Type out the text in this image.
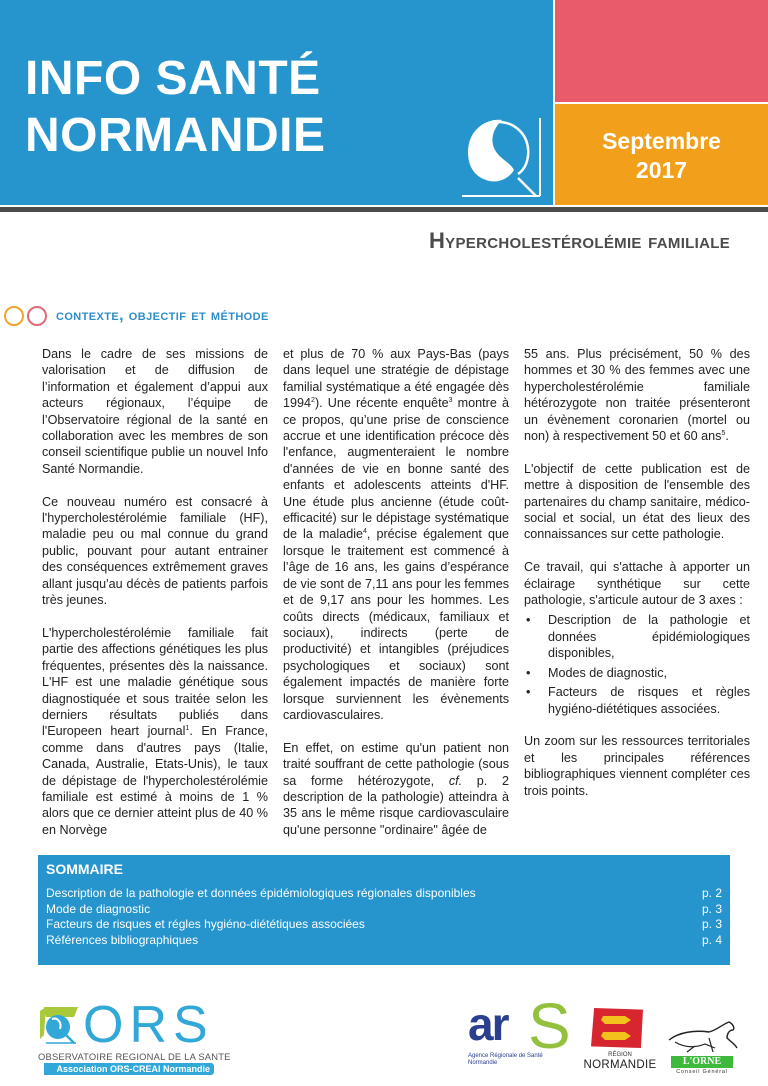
INFO SANTÉ
NORMANDIE	Septembre
2017
Hypercholestérolémie familiale
contexte, objectif et méthode

Dans le cadre de ses missions de valorisation et de diffusion de l’information et également d’appui aux acteurs régionaux, l’équipe de l’Observatoire régional de la santé en collaboration avec les membres de son conseil scientifique publie un nouvel Info Santé Normandie.

Ce nouveau numéro est consacré à l'hypercholestérolémie familiale (HF), maladie peu ou mal connue du grand public, pouvant pour autant entrainer des conséquences extrêmement graves allant jusqu'au décès de patients parfois très jeunes.

L'hypercholestérolémie familiale fait partie des affections génétiques les plus fréquentes, présentes dès la naissance. L'HF est une maladie génétique sous diagnostiquée et sous traitée selon les derniers résultats publiés dans l'Europeen heart journal$^1$. En France, comme dans d'autres pays (Italie, Canada, Australie, Etats-Unis), le taux de dépistage de l'hypercholestérolémie familiale est estimé à moins de 1 % alors que ce dernier atteint plus de 40 % en Norvège

et plus de 70 % aux Pays-Bas (pays dans lequel une stratégie de dépistage familial systématique a été engagée dès 1994$^2$). Une récente enquête$^3$ montre à ce propos, qu’une prise de conscience accrue et une identification précoce dès l'enfance, augmenteraient le nombre d'années de vie en bonne santé des enfants et adolescents atteints d'HF. Une étude plus ancienne (étude coût-efficacité) sur le dépistage systématique de la maladie$^4$, précise également que lorsque le traitement est commencé à l’âge de 16 ans, les gains d’espérance de vie sont de 7,11 ans pour les femmes et de 9,17 ans pour les hommes. Les coûts directs (médicaux, familiaux et sociaux), indirects (perte de productivité) et intangibles (préjudices psychologiques et sociaux) sont également impactés de manière forte lorsque surviennent les évènements cardiovasculaires.

En effet, on estime qu'un patient non traité souffrant de cette pathologie (sous sa forme hétérozygote, cf. p. 2 description de la pathologie) atteindra à 35 ans le même risque cardiovasculaire qu'une personne "ordinaire" âgée de

55 ans. Plus précisément, 50 % des hommes et 30 % des femmes avec une hypercholestérolémie familiale hétérozygote non traitée présenteront un évènement coronarien (mortel ou non) à respectivement 50 et 60 ans$^5$.

L'objectif de cette publication est de mettre à disposition de l'ensemble des partenaires du champ sanitaire, médico-social et social, un état des lieux des connaissances sur cette pathologie.

Ce travail, qui s'attache à apporter un éclairage synthétique sur cette pathologie, s'articule autour de 3 axes :

• Description de la pathologie et données épidémiologiques disponibles,
• Modes de diagnostic,
• Facteurs de risques et règles hygiéno-diététiques associées.

Un zoom sur les ressources territoriales et les principales références bibliographiques viennent compléter ces trois points.

SOMMAIRE
Description de la pathologie et données épidémiologiques régionales disponibles	p. 2
Mode de diagnostic	p. 3
Facteurs de risques et régles hygiéno-diététiques associées	p. 3
Références bibliographiques	p. 4
ORS
OBSERVATOIRE REGIONAL DE LA SANTE
Association ORS-CREAI Normandie
ar S
Agence Régionale de Santé
Normandie
RÉGION
NORMANDIE	L'ORNE
Conseil Général
